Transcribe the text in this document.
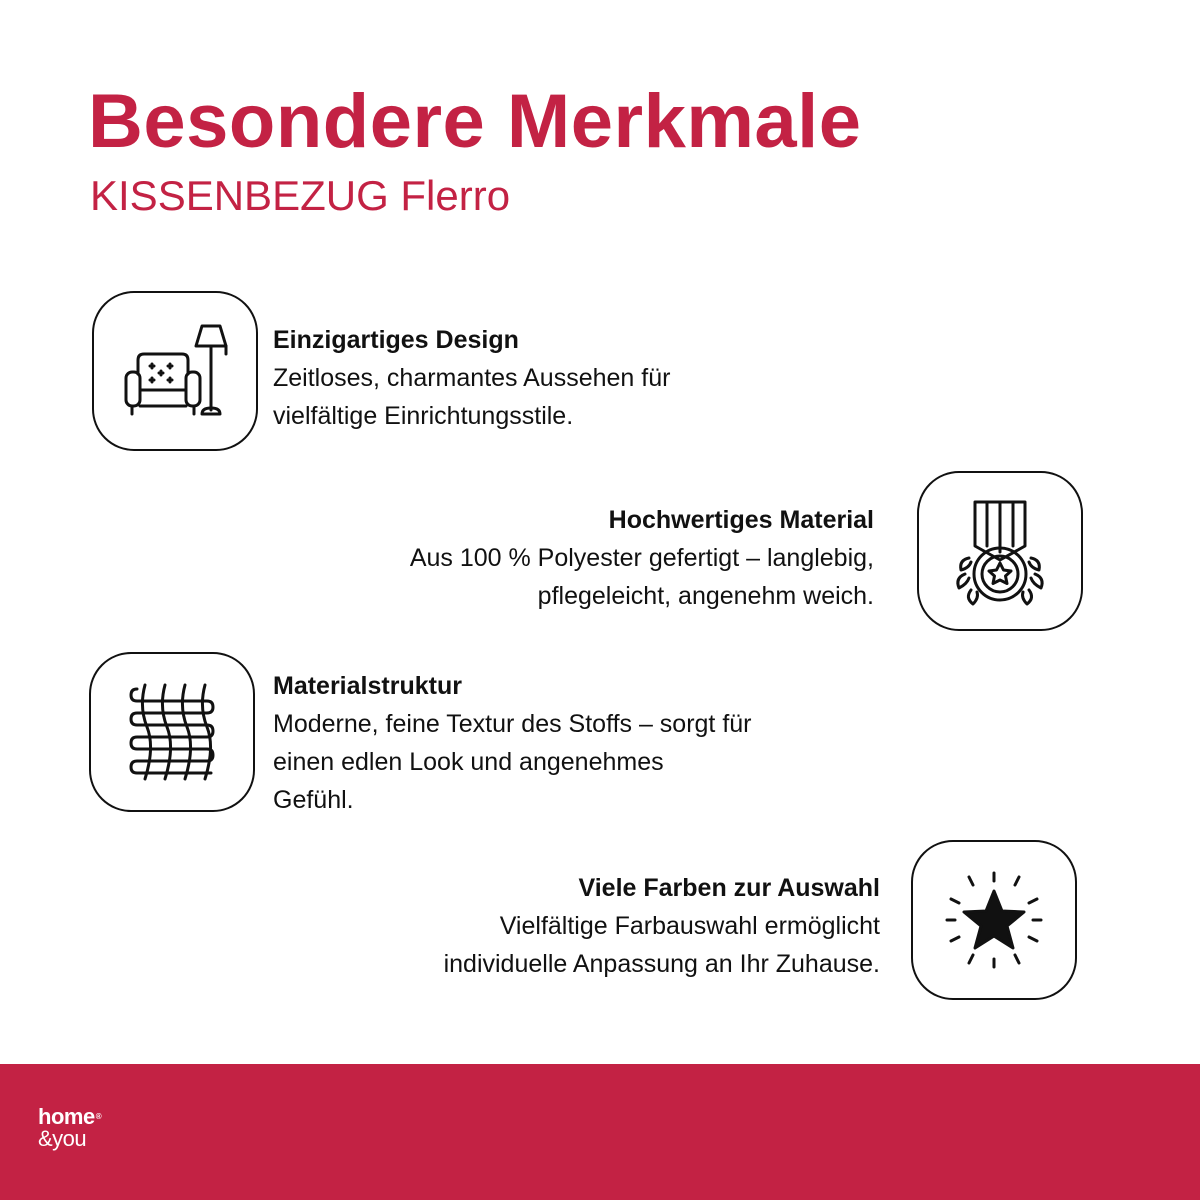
Besondere Merkmale
KISSENBEZUG Flerro
Einzigartiges Design
Zeitloses, charmantes Aussehen für
vielfältige Einrichtungsstile.
Hochwertiges Material
Aus 100 % Polyester gefertigt – langlebig,
pflegeleicht, angenehm weich.
Materialstruktur
Moderne, feine Textur des Stoffs – sorgt für
einen edlen Look und angenehmes
Gefühl.
Viele Farben zur Auswahl
Vielfältige Farbauswahl ermöglicht
individuelle Anpassung an Ihr Zuhause.
home®
&you
